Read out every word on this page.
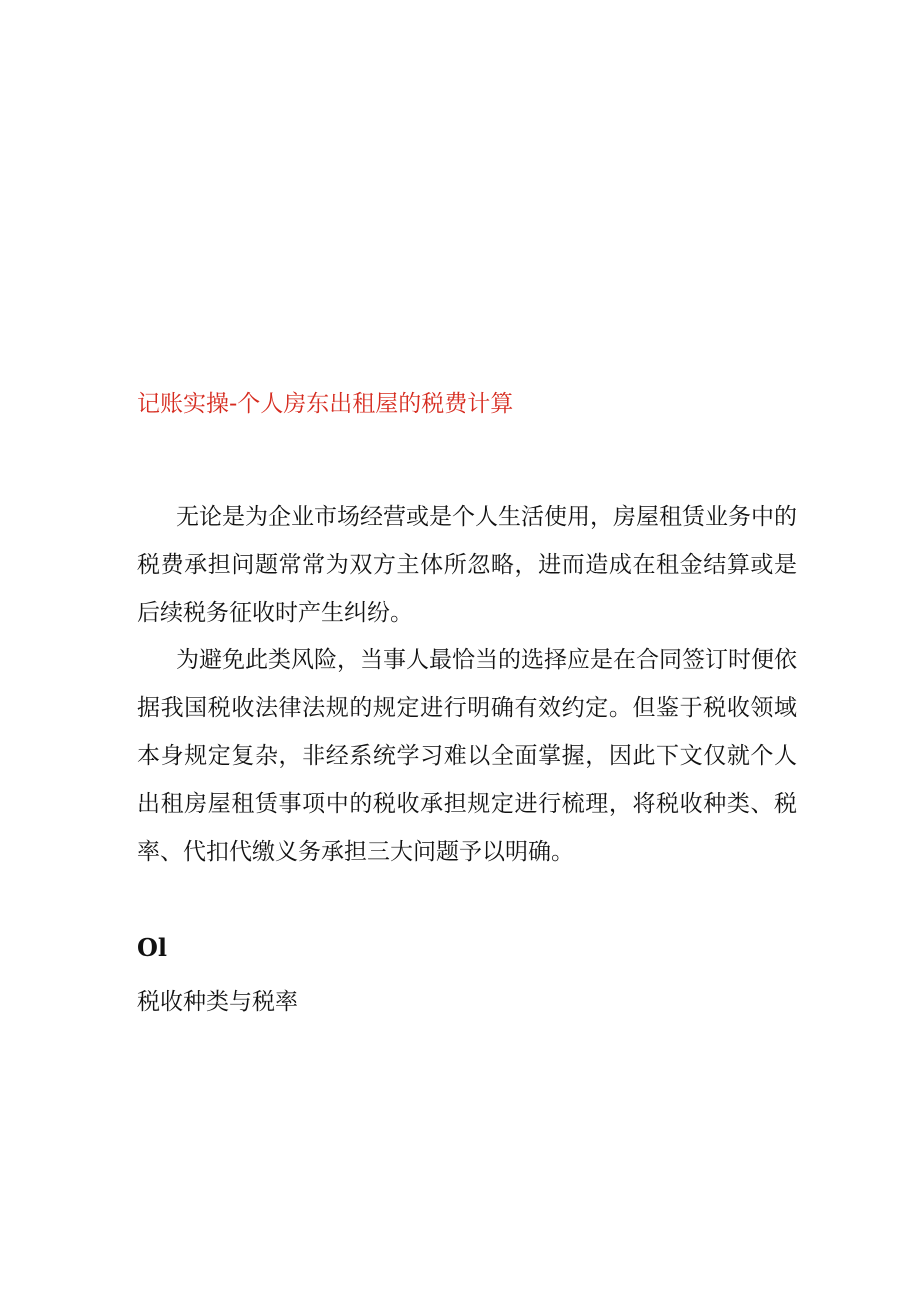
记账实操-个人房东出租屋的税费计算

无论是为企业市场经营或是个人生活使用，房屋租赁业务中的税费承担问题常常为双方主体所忽略，进而造成在租金结算或是后续税务征收时产生纠纷。

为避免此类风险，当事人最恰当的选择应是在合同签订时便依据我国税收法律法规的规定进行明确有效约定。但鉴于税收领域本身规定复杂，非经系统学习难以全面掌握，因此下文仅就个人出租房屋租赁事项中的税收承担规定进行梳理，将税收种类、税率、代扣代缴义务承担三大问题予以明确。

Ol
税收种类与税率
